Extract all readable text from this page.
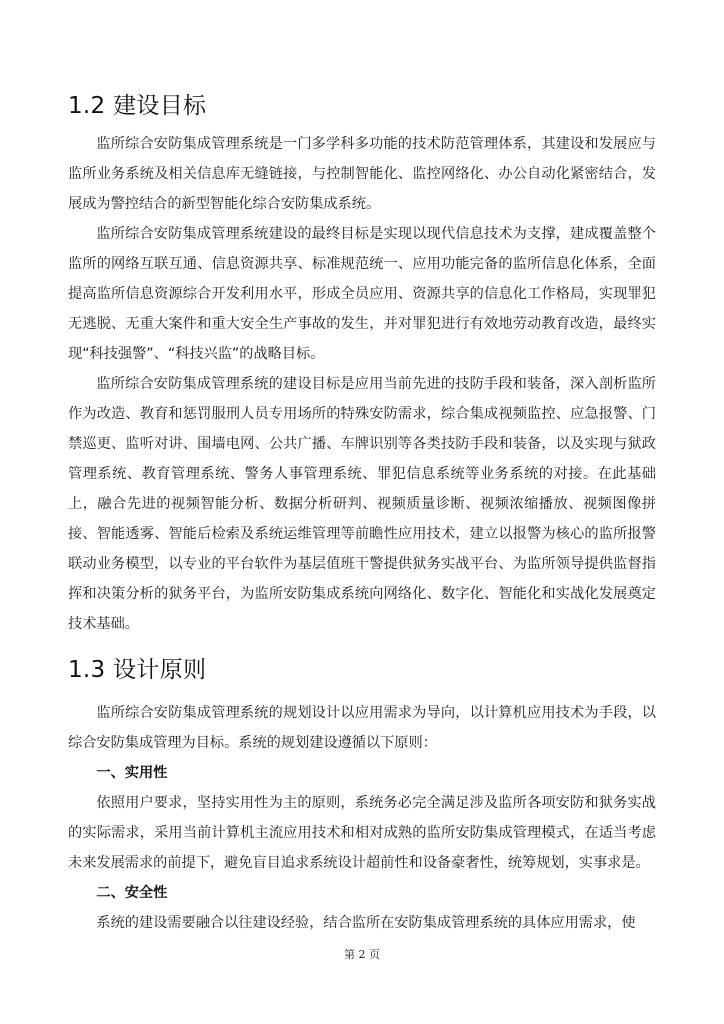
1.2 建设目标

监所综合安防集成管理系统是一门多学科多功能的技术防范管理体系，其建设和发展应与监所业务系统及相关信息库无缝链接，与控制智能化、监控网络化、办公自动化紧密结合，发展成为警控结合的新型智能化综合安防集成系统。

监所综合安防集成管理系统建设的最终目标是实现以现代信息技术为支撑，建成覆盖整个监所的网络互联互通、信息资源共享、标准规范统一、应用功能完备的监所信息化体系，全面提高监所信息资源综合开发利用水平，形成全员应用、资源共享的信息化工作格局，实现罪犯无逃脱、无重大案件和重大安全生产事故的发生，并对罪犯进行有效地劳动教育改造，最终实现“科技强警”、“科技兴监”的战略目标。

监所综合安防集成管理系统的建设目标是应用当前先进的技防手段和装备，深入剖析监所作为改造、教育和惩罚服刑人员专用场所的特殊安防需求，综合集成视频监控、应急报警、门禁巡更、监听对讲、围墙电网、公共广播、车牌识别等各类技防手段和装备，以及实现与狱政管理系统、教育管理系统、警务人事管理系统、罪犯信息系统等业务系统的对接。在此基础上，融合先进的视频智能分析、数据分析研判、视频质量诊断、视频浓缩播放、视频图像拼接、智能透雾、智能后检索及系统运维管理等前瞻性应用技术，建立以报警为核心的监所报警联动业务模型，以专业的平台软件为基层值班干警提供狱务实战平台、为监所领导提供监督指挥和决策分析的狱务平台，为监所安防集成系统向网络化、数字化、智能化和实战化发展奠定技术基础。

1.3 设计原则

监所综合安防集成管理系统的规划设计以应用需求为导向，以计算机应用技术为手段，以综合安防集成管理为目标。系统的规划建设遵循以下原则：

一、实用性

依照用户要求，坚持实用性为主的原则，系统务必完全满足涉及监所各项安防和狱务实战的实际需求，采用当前计算机主流应用技术和相对成熟的监所安防集成管理模式，在适当考虑未来发展需求的前提下，避免盲目追求系统设计超前性和设备豪奢性，统筹规划，实事求是。

二、安全性

系统的建设需要融合以往建设经验，结合监所在安防集成管理系统的具体应用需求，使

第 2 页
